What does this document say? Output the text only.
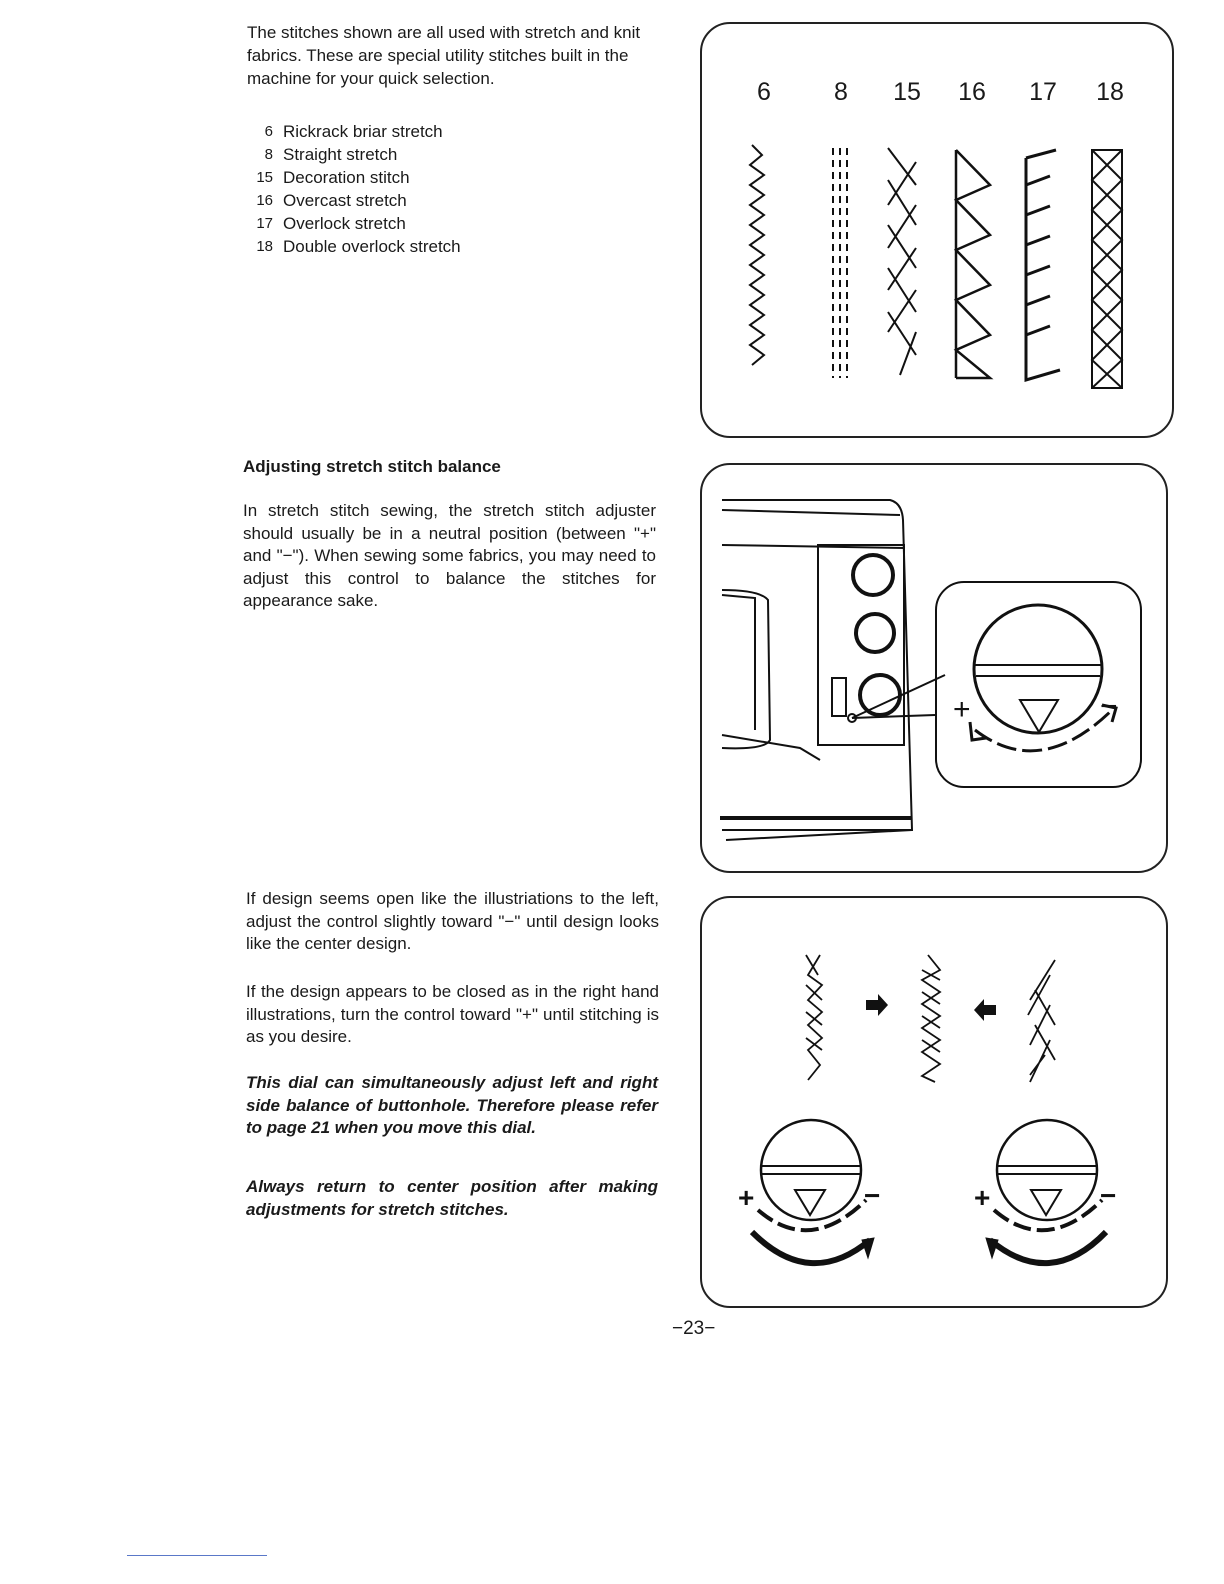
The stitches shown are all used with stretch and knit fabrics. These are special utility stitches built in the machine for your quick selection.
6 Rickrack briar stretch
8 Straight stretch
15 Decoration stitch
16 Overcast stretch
17 Overlock stretch
18 Double overlock stretch
Adjusting stretch stitch balance
In stretch stitch sewing, the stretch stitch adjuster should usually be in a neutral position (between "+" and "−"). When sewing some fabrics, you may need to adjust this control to balance the stitches for appearance sake.
If design seems open like the illustriations to the left, adjust the control slightly toward "−" until design looks like the center design.
If the design appears to be closed as in the right hand illustrations, turn the control toward "+" until stitching is as you desire.
This dial can simultaneously adjust left and right side balance of buttonhole. Therefore please refer to page 21 when you move this dial.
Always return to center position after making adjustments for stretch stitches.
−23−
6	8	15	16	17	18
+	−
+	−	+	−
